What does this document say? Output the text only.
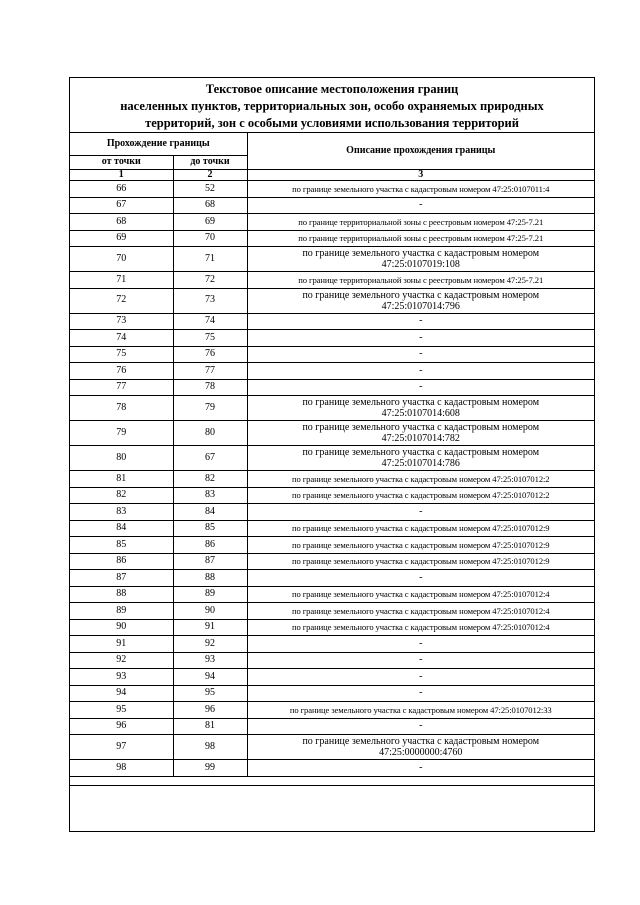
Текстовое описание местоположения границ
населенных пунктов, территориальных зон, особо охраняемых природных
территорий, зон с особыми условиями использования территорий
Прохождение границы		Описание прохождения границы
от точки	до точки	
1	2	3
66	52	по границе земельного участка с кадастровым номером 47:25:0107011:4
67	68	-
68	69	по границе территориальной зоны с реестровым номером 47:25-7.21
69	70	по границе территориальной зоны с реестровым номером 47:25-7.21
70	71	по границе земельного участка с кадастровым номером 47:25:0107019:108
71	72	по границе территориальной зоны с реестровым номером 47:25-7.21
72	73	по границе земельного участка с кадастровым номером 47:25:0107014:796
73	74	-
74	75	-
75	76	-
76	77	-
77	78	-
78	79	по границе земельного участка с кадастровым номером 47:25:0107014:608
79	80	по границе земельного участка с кадастровым номером 47:25:0107014:782
80	67	по границе земельного участка с кадастровым номером 47:25:0107014:786
81	82	по границе земельного участка с кадастровым номером 47:25:0107012:2
82	83	по границе земельного участка с кадастровым номером 47:25:0107012:2
83	84	-
84	85	по границе земельного участка с кадастровым номером 47:25:0107012:9
85	86	по границе земельного участка с кадастровым номером 47:25:0107012:9
86	87	по границе земельного участка с кадастровым номером 47:25:0107012:9
87	88	-
88	89	по границе земельного участка с кадастровым номером 47:25:0107012:4
89	90	по границе земельного участка с кадастровым номером 47:25:0107012:4
90	91	по границе земельного участка с кадастровым номером 47:25:0107012:4
91	92	-
92	93	-
93	94	-
94	95	-
95	96	по границе земельного участка с кадастровым номером 47:25:0107012:33
96	81	-
97	98	по границе земельного участка с кадастровым номером 47:25:0000000:4760
98	99	-
